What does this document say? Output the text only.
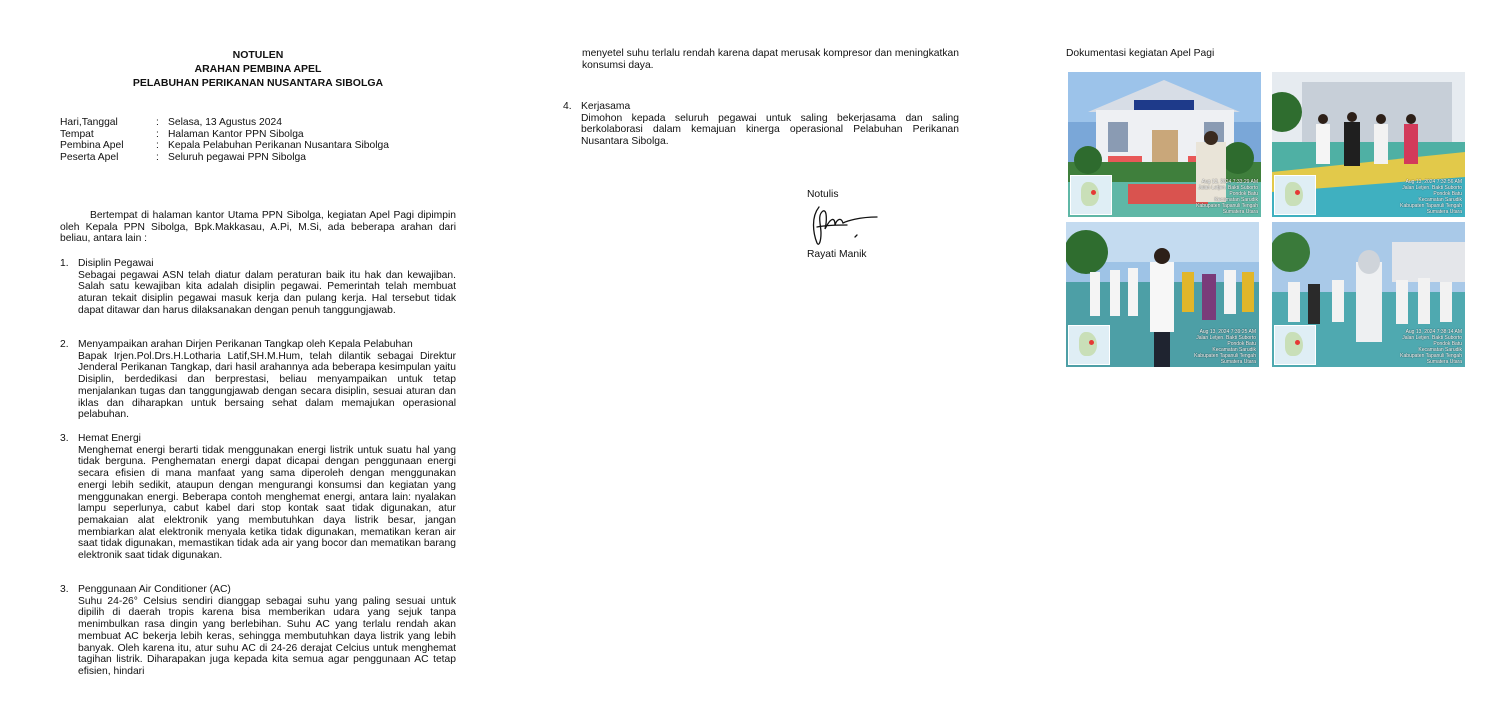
NOTULEN
ARAHAN PEMBINA APEL
PELABUHAN PERIKANAN NUSANTARA SIBOLGA
Hari,Tanggal	: Selasa, 13 Agustus 2024
Tempat	: Halaman Kantor PPN Sibolga
Pembina Apel	: Kepala Pelabuhan Perikanan Nusantara Sibolga
Peserta Apel	: Seluruh pegawai PPN Sibolga
Bertempat di halaman kantor Utama PPN Sibolga, kegiatan Apel Pagi dipimpin oleh Kepala PPN Sibolga, Bpk.Makkasau, A.Pi, M.Si, ada beberapa arahan dari beliau, antara lain :
1. Disiplin Pegawai
Sebagai pegawai ASN telah diatur dalam peraturan baik itu hak dan kewajiban. Salah satu kewajiban kita adalah disiplin pegawai. Pemerintah telah membuat aturan tekait disiplin pegawai masuk kerja dan pulang kerja. Hal tersebut tidak dapat ditawar dan harus dilaksanakan dengan penuh tanggungjawab.
2. Menyampaikan arahan Dirjen Perikanan Tangkap oleh Kepala Pelabuhan
Bapak Irjen.Pol.Drs.H.Lotharia Latif,SH.M.Hum, telah dilantik sebagai Direktur Jenderal Perikanan Tangkap, dari hasil arahannya ada beberapa kesimpulan yaitu Disiplin, berdedikasi dan berprestasi, beliau menyampaikan untuk tetap menjalankan tugas dan tanggungjawab dengan secara disiplin, sesuai aturan dan iklas dan diharapkan untuk bersaing sehat dalam memajukan operasional pelabuhan.
3. Hemat Energi
Menghemat energi berarti tidak menggunakan energi listrik untuk suatu hal yang tidak berguna. Penghematan energi dapat dicapai dengan penggunaan energi secara efisien di mana manfaat yang sama diperoleh dengan menggunakan energi lebih sedikit, ataupun dengan mengurangi konsumsi dan kegiatan yang menggunakan energi. Beberapa contoh menghemat energi, antara lain: nyalakan lampu seperlunya, cabut kabel dari stop kontak saat tidak digunakan, atur pemakaian alat elektronik yang membutuhkan daya listrik besar, jangan membiarkan alat elektronik menyala ketika tidak digunakan, mematikan keran air saat tidak digunakan, memastikan tidak ada air yang bocor dan mematikan barang elektronik saat tidak digunakan.
3. Penggunaan Air Conditioner (AC)
Suhu 24-26° Celsius sendiri dianggap sebagai suhu yang paling sesuai untuk dipilih di daerah tropis karena bisa memberikan udara yang sejuk tanpa menimbulkan rasa dingin yang berlebihan. Suhu AC yang terlalu rendah akan membuat AC bekerja lebih keras, sehingga membutuhkan daya listrik yang lebih banyak. Oleh karena itu, atur suhu AC di 24-26 derajat Celcius untuk menghemat tagihan listrik. Diharapakan juga kepada kita semua agar penggunaan AC tetap efisien, hindari
menyetel suhu terlalu rendah karena dapat merusak kompresor dan meningkatkan konsumsi daya.
4. Kerjasama
Dimohon kepada seluruh pegawai untuk saling bekerjasama dan saling berkolaborasi dalam kemajuan kinerga operasional Pelabuhan Perikanan Nusantara Sibolga.
Notulis
Rayati Manik
Dokumentasi kegiatan Apel Pagi
Aug 13, 2024 7:33:29 AM
Jalan Letjen. Bakti Suborto
Pondok Batu
Kecamatan Sarudik
Kabupaten Tapanuli Tengah
Sumatera Utara
Aug 13, 2024 7:32:56 AM
Jalan Letjen. Bakti Suborto
Pondok Batu
Kecamatan Sarudik
Kabupaten Tapanuli Tengah
Sumatera Utara
Aug 13, 2024 7:39:25 AM
Jalan Letjen. Bakti Suborto
Pondok Batu
Kecamatan Sarudik
Kabupaten Tapanuli Tengah
Sumatera Utara
Aug 13, 2024 7:38:14 AM
Jalan Letjen. Bakti Suborto
Pondok Batu
Kecamatan Sarudik
Kabupaten Tapanuli Tengah
Sumatera Utara
